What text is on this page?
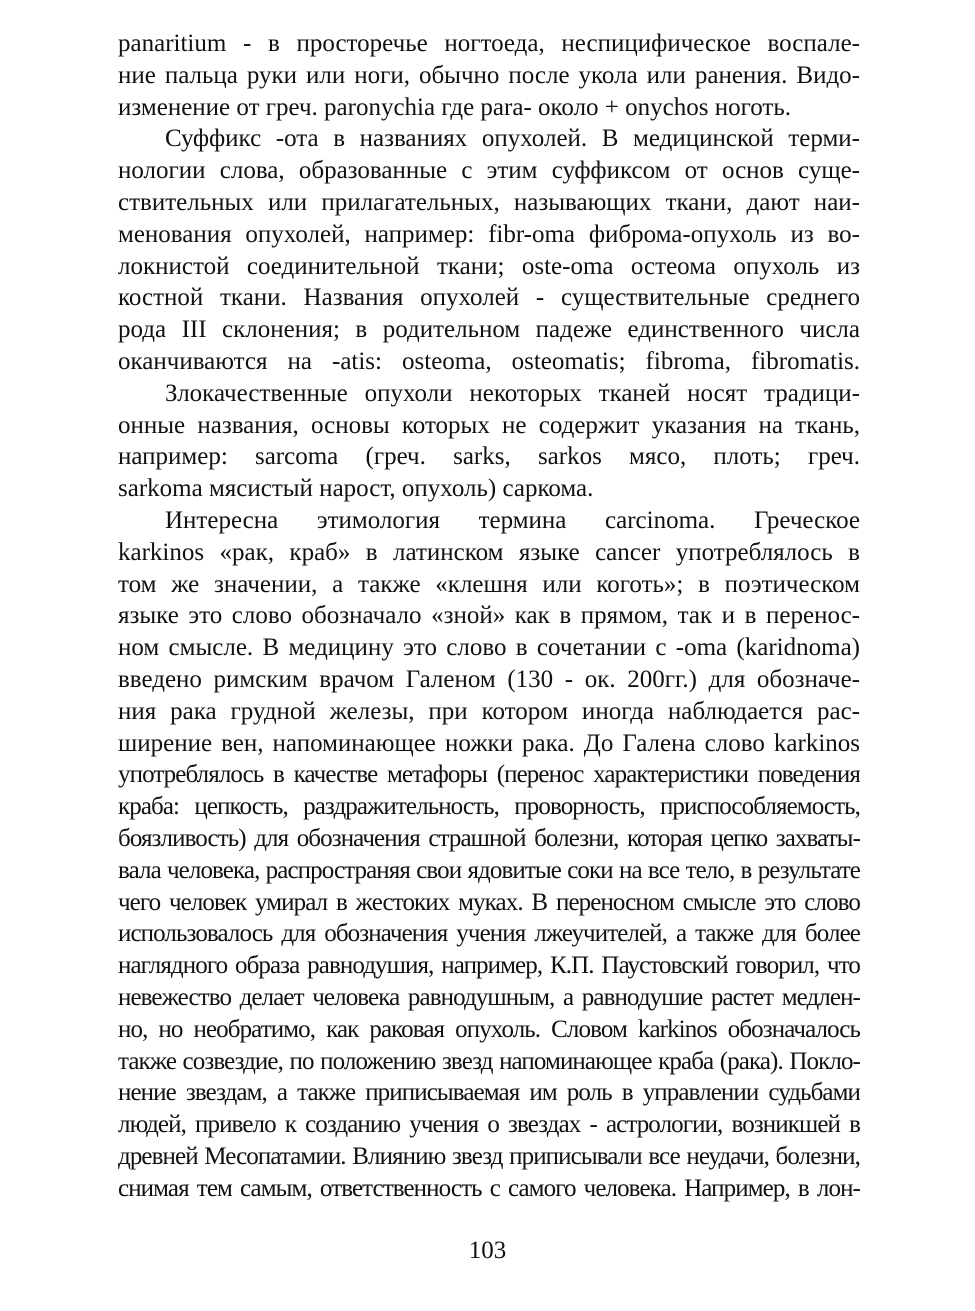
panaritium - в просторечье ногтоеда, неспицифическое воспале-
ние пальца руки или ноги, обычно после укола или ранения. Видо-
изменение от греч. paronychia где para- около + onychos ноготь.
Суффикс -ота в названиях опухолей. В медицинской терми-
нологии слова, образованные с этим суффиксом от основ суще-
ствительных или прилагательных, называющих ткани, дают наи-
менования опухолей, например: fibr-oma фиброма-опухоль из во-
локнистой соединительной ткани; oste-oma остеома опухоль из
костной ткани. Названия опухолей - существительные среднего
рода III склонения; в родительном падеже единственного числа
оканчиваются на -atis: osteoma, osteomatis; fibroma, fibromatis.
Злокачественные опухоли некоторых тканей носят традици-
онные названия, основы которых не содержит указания на ткань,
например: sarcoma (греч. sarks, sarkos мясо, плоть; греч.
sarkoma мясистый нарост, опухоль) саркома.
Интересна этимология термина carcinoma. Греческое
karkinos «рак, краб» в латинском языке cancer употреблялось в
том же значении, а также «клешня или коготь»; в поэтическом
языке это слово обозначало «зной» как в прямом, так и в перенос-
ном смысле. В медицину это слово в сочетании с -oma (karidnoma)
введено римским врачом Галеном (130 - ок. 200гг.) для обозначе-
ния рака грудной железы, при котором иногда наблюдается рас-
ширение вен, напоминающее ножки рака. До Галена слово karkinos
употреблялось в качестве метафоры (перенос характеристики поведения
краба: цепкость, раздражительность, проворность, приспособляемость,
боязливость) для обозначения страшной болезни, которая цепко захваты-
вала человека, распространяя свои ядовитые соки на все тело, в результате
чего человек умирал в жестоких муках. В переносном смысле это слово
использовалось для обозначения учения лжеучителей, а также для более
наглядного образа равнодушия, например, К.П. Паустовский говорил, что
невежество делает человека равнодушным, а равнодушие растет медлен-
но, но необратимо, как раковая опухоль. Словом karkinos обозначалось
также созвездие, по положению звезд напоминающее краба (рака). Покло-
нение звездам, а также приписываемая им роль в управлении судьбами
людей, привело к созданию учения о звездах - астрологии, возникшей в
древней Месопатамии. Влиянию звезд приписывали все неудачи, болезни,
снимая тем самым, ответственность с самого человека. Например, в лон-
103
